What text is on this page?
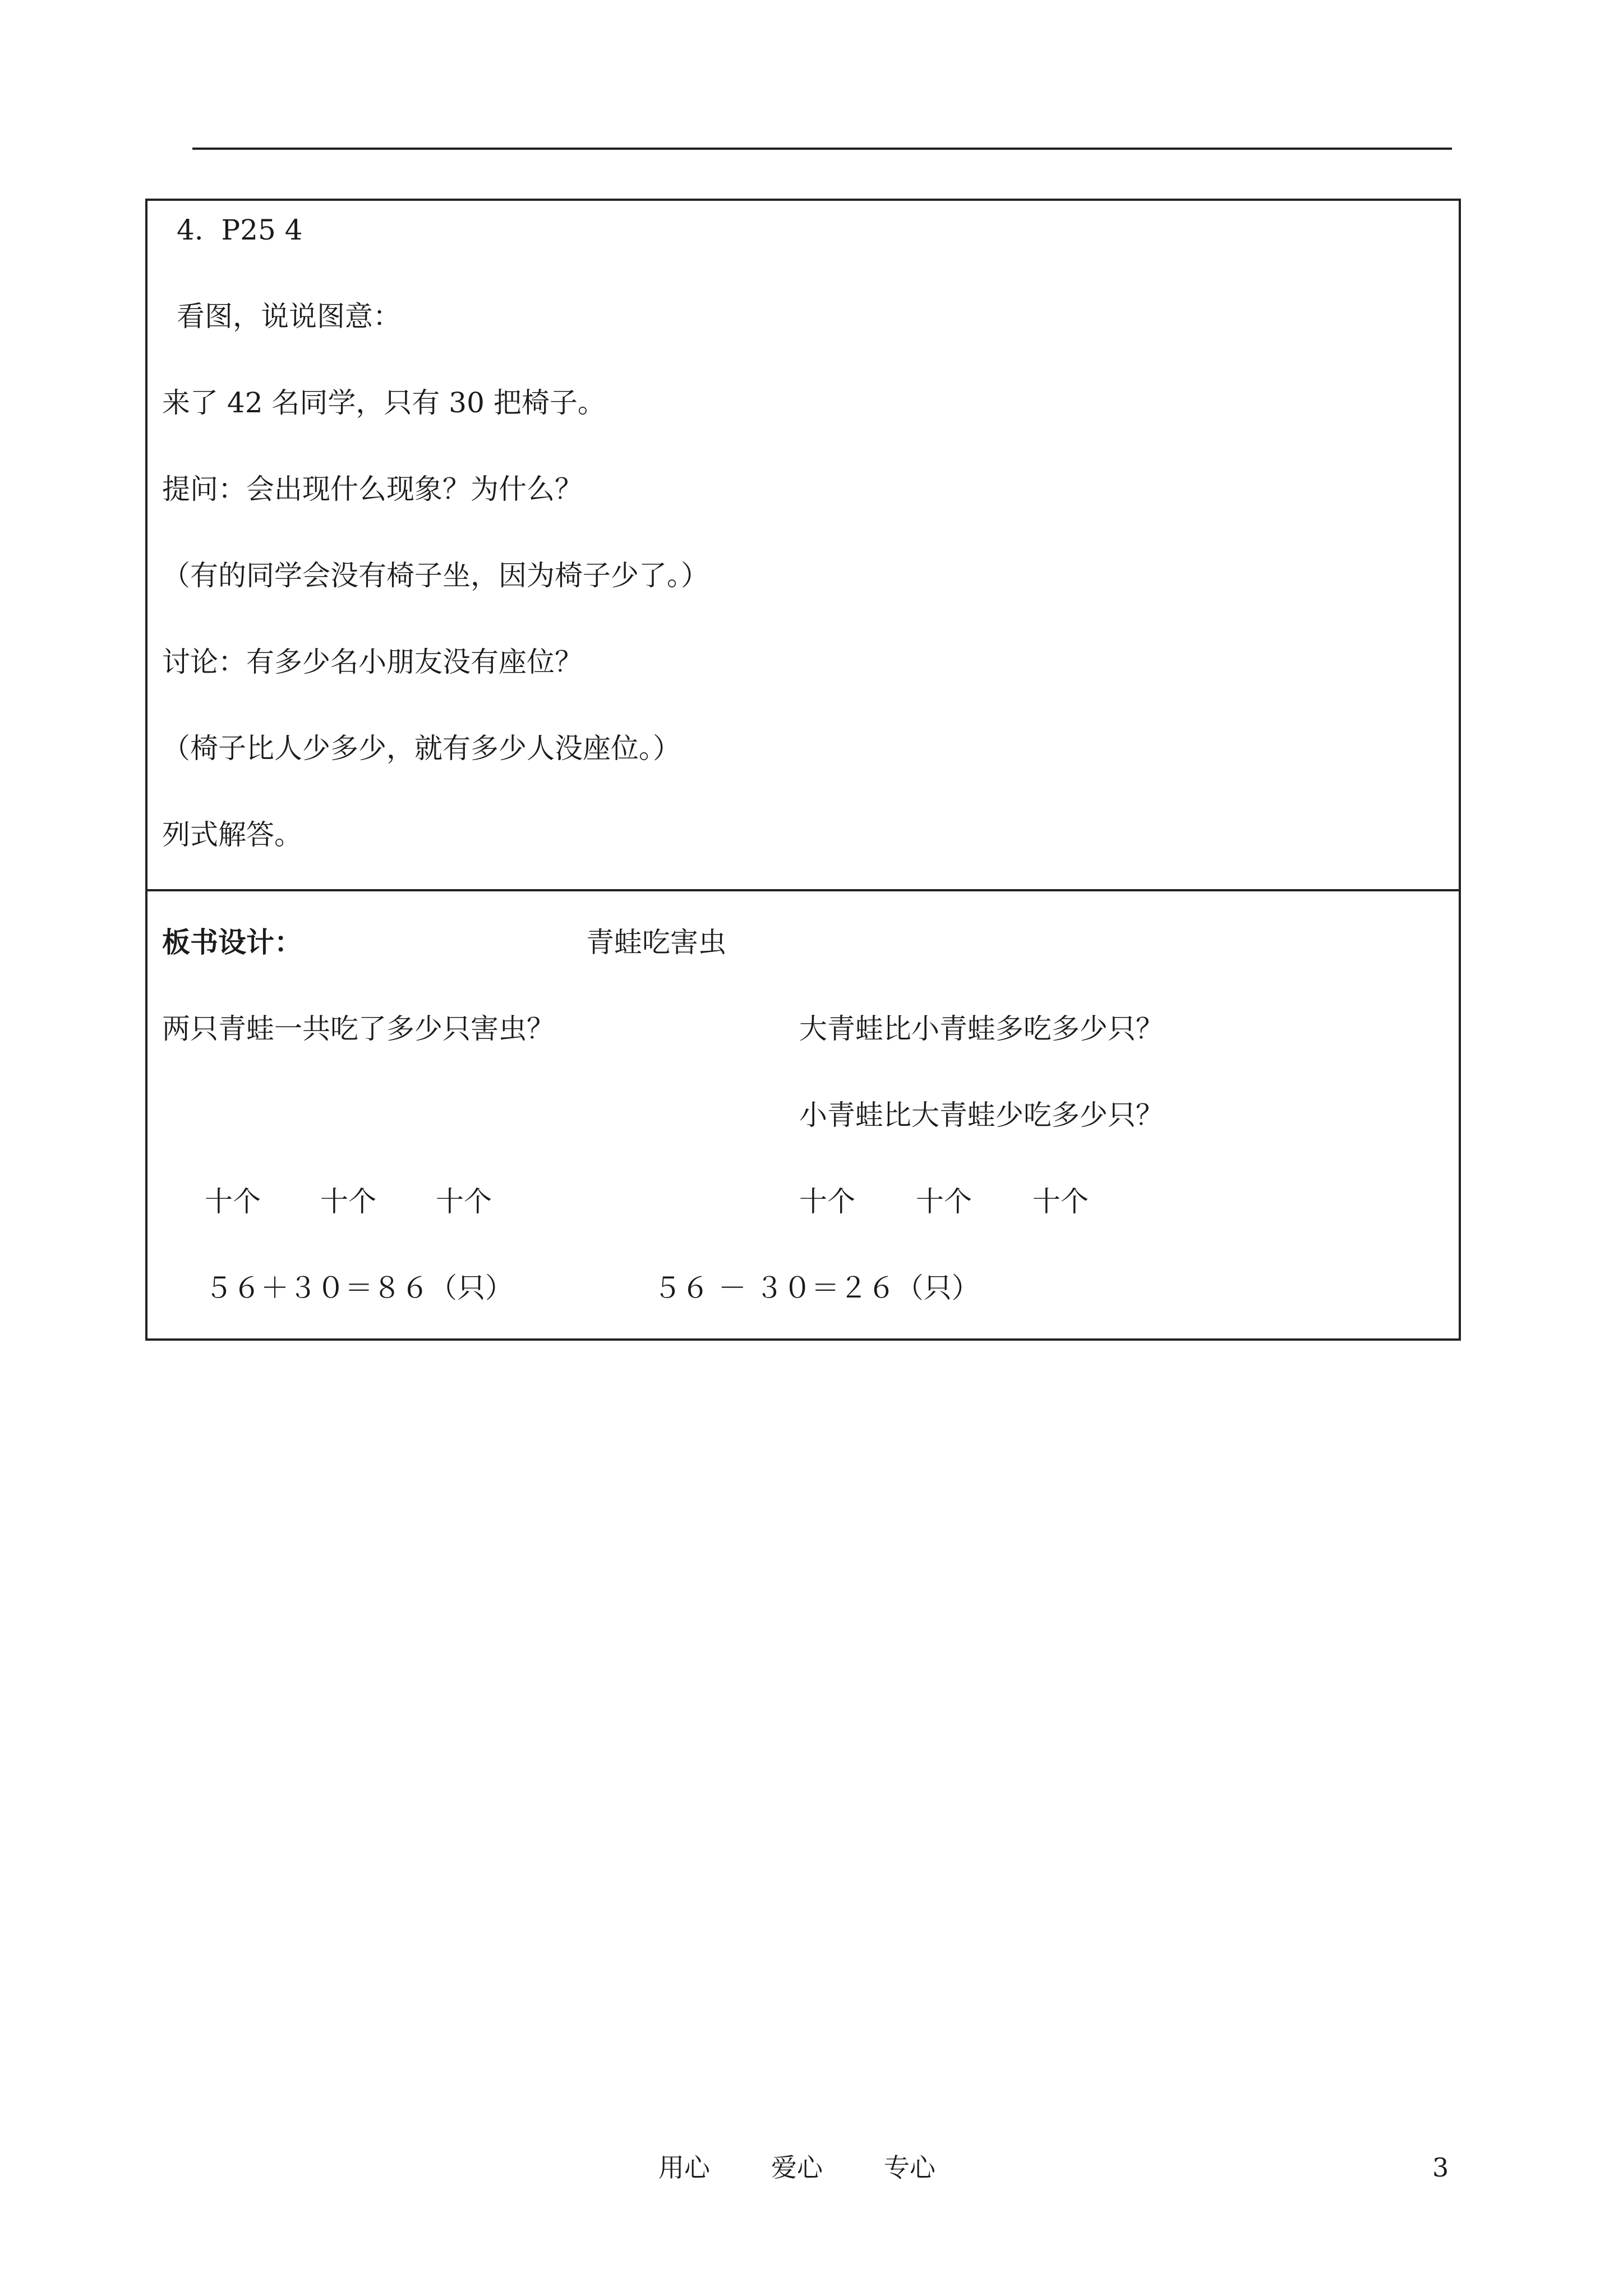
4.  P25 4
看图，说说图意：
来了 42 名同学，只有 30 把椅子。
提问：会出现什么现象？为什么？
（有的同学会没有椅子坐，因为椅子少了。）
讨论：有多少名小朋友没有座位？
（椅子比人少多少，就有多少人没座位。）
列式解答。
板书设计：	青蛙吃害虫
两只青蛙一共吃了多少只害虫？	大青蛙比小青蛙多吃多少只？
小青蛙比大青蛙少吃多少只？
十个 十个 十个	十个 十个 十个
５６＋３０＝８６（只）	５６ － ３０＝２６（只）
用心 爱心 专心	3
